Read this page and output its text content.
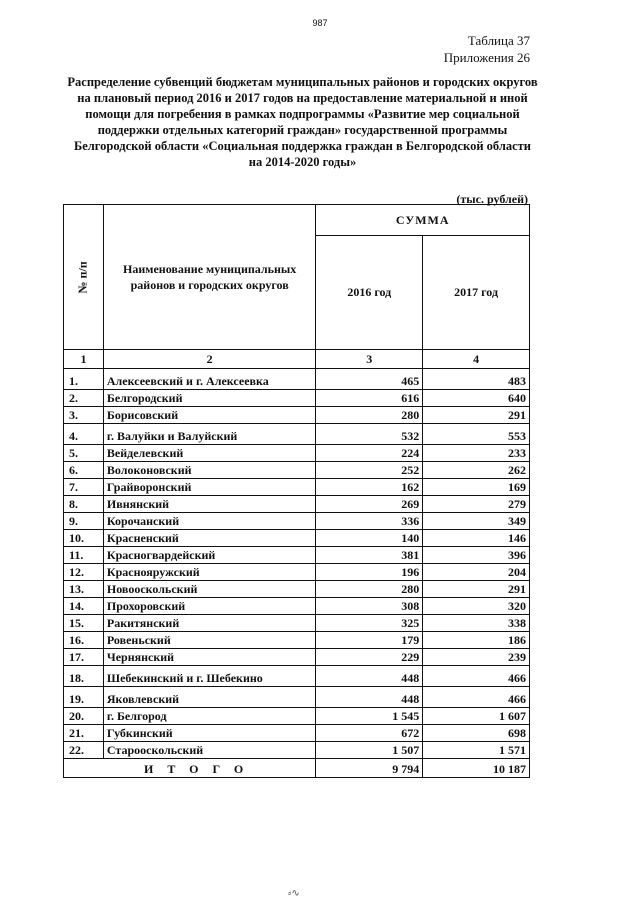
987
Таблица 37
Приложения 26
Распределение субвенций бюджетам муниципальных районов и городских округов
на плановый период 2016 и 2017 годов на предоставление материальной и иной
помощи для погребения в рамках подпрограммы «Развитие мер социальной
поддержки отдельных категорий граждан» государственной программы
Белгородской области «Социальная поддержка граждан в Белгородской области
на 2014-2020 годы»
(тыс. рублей)
№ п/п	Наименование муниципальных районов и городских округов	СУММА	
		2016 год	2017 год
1	2	3	4
1.	Алексеевский и г. Алексеевка	465	483
2.	Белгородский	616	640
3.	Борисовский	280	291
4.	г. Валуйки и Валуйский	532	553
5.	Вейделевский	224	233
6.	Волоконовский	252	262
7.	Грайворонский	162	169
8.	Ивнянский	269	279
9.	Корочанский	336	349
10.	Красненский	140	146
11.	Красногвардейский	381	396
12.	Краснояружский	196	204
13.	Новооскольский	280	291
14.	Прохоровский	308	320
15.	Ракитянский	325	338
16.	Ровеньский	179	186
17.	Чернянский	229	239
18.	Шебекинский и г. Шебекино	448	466
19.	Яковлевский	448	466
20.	г. Белгород	1 545	1 607
21.	Губкинский	672	698
22.	Старооскольский	1 507	1 571
ИТОГО		9 794	10 187
⸗∿
